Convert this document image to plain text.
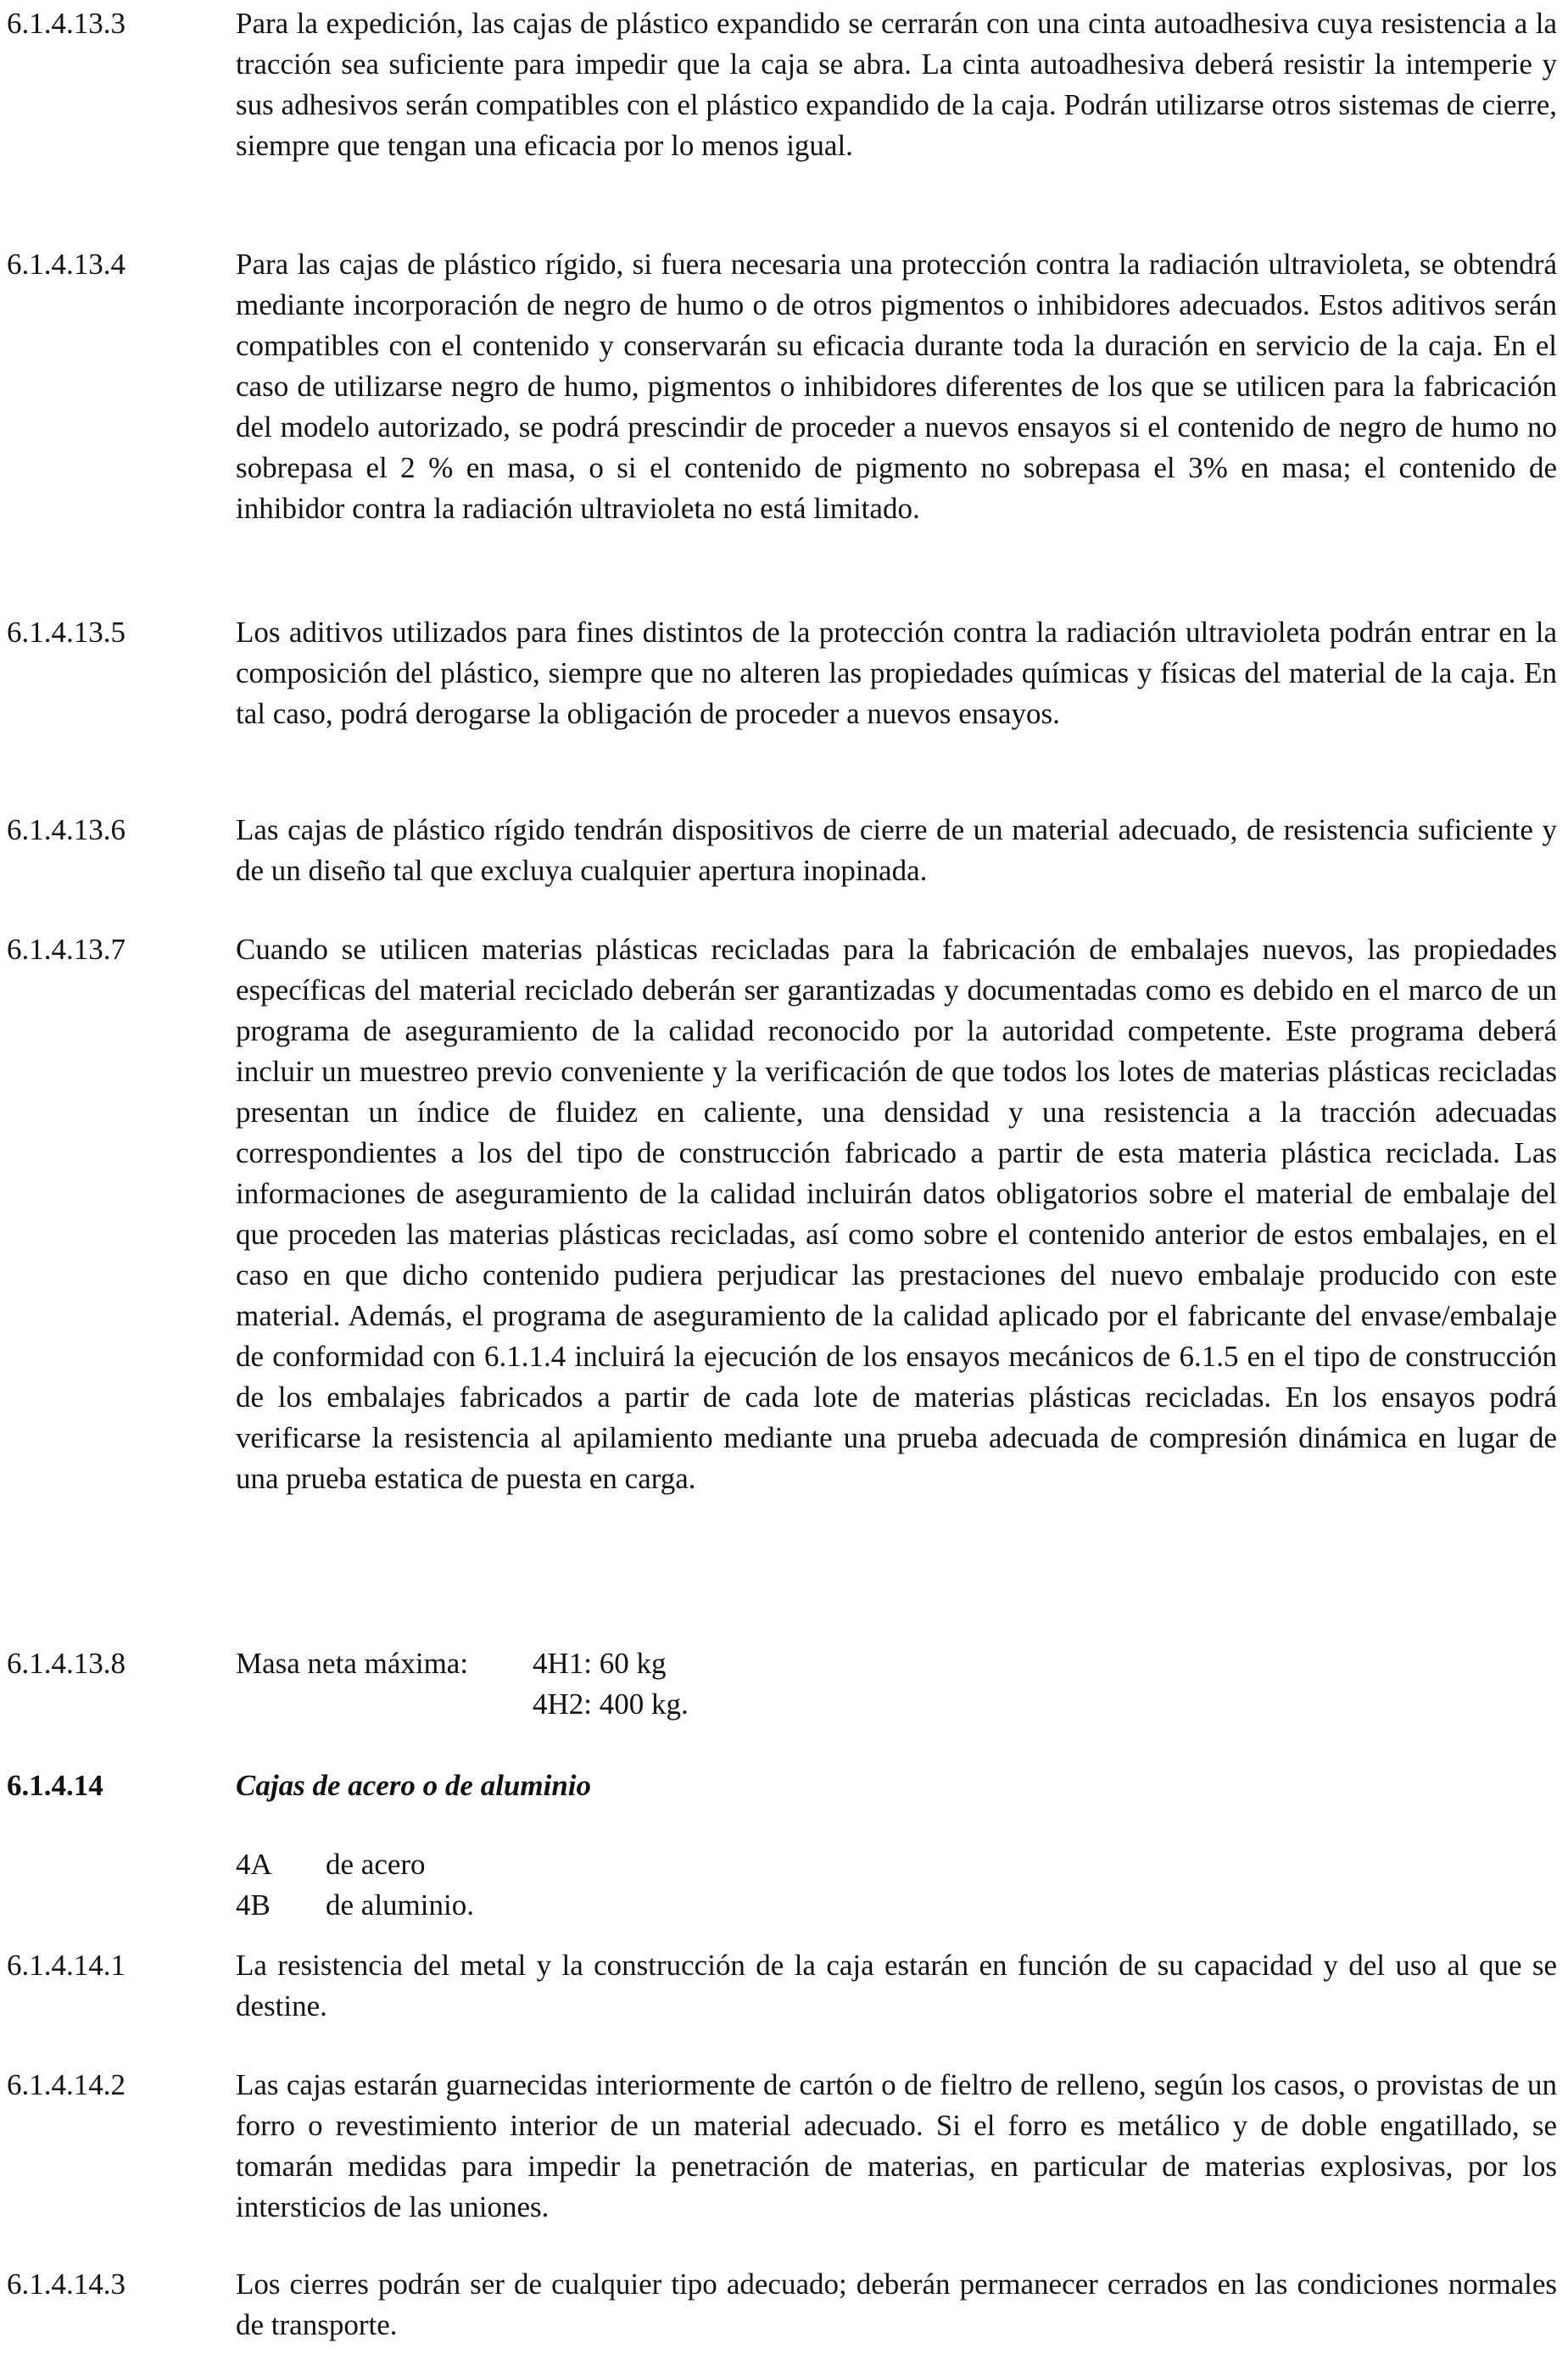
6.1.4.13.3	Para la expedición, las cajas de plástico expandido se cerrarán con una cinta autoadhesiva cuya resistencia a la tracción sea suficiente para impedir que la caja se abra. La cinta autoadhesiva deberá resistir la intemperie y sus adhesivos serán compatibles con el plástico expandido de la caja. Podrán utilizarse otros sistemas de cierre, siempre que tengan una eficacia por lo menos igual.
6.1.4.13.4	Para las cajas de plástico rígido, si fuera necesaria una protección contra la radiación ultravioleta, se obtendrá mediante incorporación de negro de humo o de otros pigmentos o inhibidores adecuados. Estos aditivos serán compatibles con el contenido y conservarán su eficacia durante toda la duración en servicio de la caja. En el caso de utilizarse negro de humo, pigmentos o inhibidores diferentes de los que se utilicen para la fabricación del modelo autorizado, se podrá prescindir de proceder a nuevos ensayos si el contenido de negro de humo no sobrepasa el 2 % en masa, o si el contenido de pigmento no sobrepasa el 3% en masa; el contenido de inhibidor contra la radiación ultravioleta no está limitado.
6.1.4.13.5	Los aditivos utilizados para fines distintos de la protección contra la radiación ultravioleta podrán entrar en la composición del plástico, siempre que no alteren las propiedades químicas y físicas del material de la caja. En tal caso, podrá derogarse la obligación de proceder a nuevos ensayos.
6.1.4.13.6	Las cajas de plástico rígido tendrán dispositivos de cierre de un material adecuado, de resistencia suficiente y de un diseño tal que excluya cualquier apertura inopinada.
6.1.4.13.7	Cuando se utilicen materias plásticas recicladas para la fabricación de embalajes nuevos, las propiedades específicas del material reciclado deberán ser garantizadas y documentadas como es debido en el marco de un programa de aseguramiento de la calidad reconocido por la autoridad competente. Este programa deberá incluir un muestreo previo conveniente y la verificación de que todos los lotes de materias plásticas recicladas presentan un índice de fluidez en caliente, una densidad y una resistencia a la tracción adecuadas correspondientes a los del tipo de construcción fabricado a partir de esta materia plástica reciclada. Las informaciones de aseguramiento de la calidad incluirán datos obligatorios sobre el material de embalaje del que proceden las materias plásticas recicladas, así como sobre el contenido anterior de estos embalajes, en el caso en que dicho contenido pudiera perjudicar las prestaciones del nuevo embalaje producido con este material. Además, el programa de aseguramiento de la calidad aplicado por el fabricante del envase/embalaje de conformidad con 6.1.1.4 incluirá la ejecución de los ensayos mecánicos de 6.1.5 en el tipo de construcción de los embalajes fabricados a partir de cada lote de materias plásticas recicladas. En los ensayos podrá verificarse la resistencia al apilamiento mediante una prueba adecuada de compresión dinámica en lugar de una prueba estatica de puesta en carga.
6.1.4.13.8	Masa neta máxima: 4H1: 60 kg
4H2: 400 kg.
6.1.4.14	Cajas de acero o de aluminio
4A de acero
4B de aluminio.
6.1.4.14.1	La resistencia del metal y la construcción de la caja estarán en función de su capacidad y del uso al que se destine.
6.1.4.14.2	Las cajas estarán guarnecidas interiormente de cartón o de fieltro de relleno, según los casos, o provistas de un forro o revestimiento interior de un material adecuado. Si el forro es metálico y de doble engatillado, se tomarán medidas para impedir la penetración de materias, en particular de materias explosivas, por los intersticios de las uniones.
6.1.4.14.3	Los cierres podrán ser de cualquier tipo adecuado; deberán permanecer cerrados en las condiciones normales de transporte.
